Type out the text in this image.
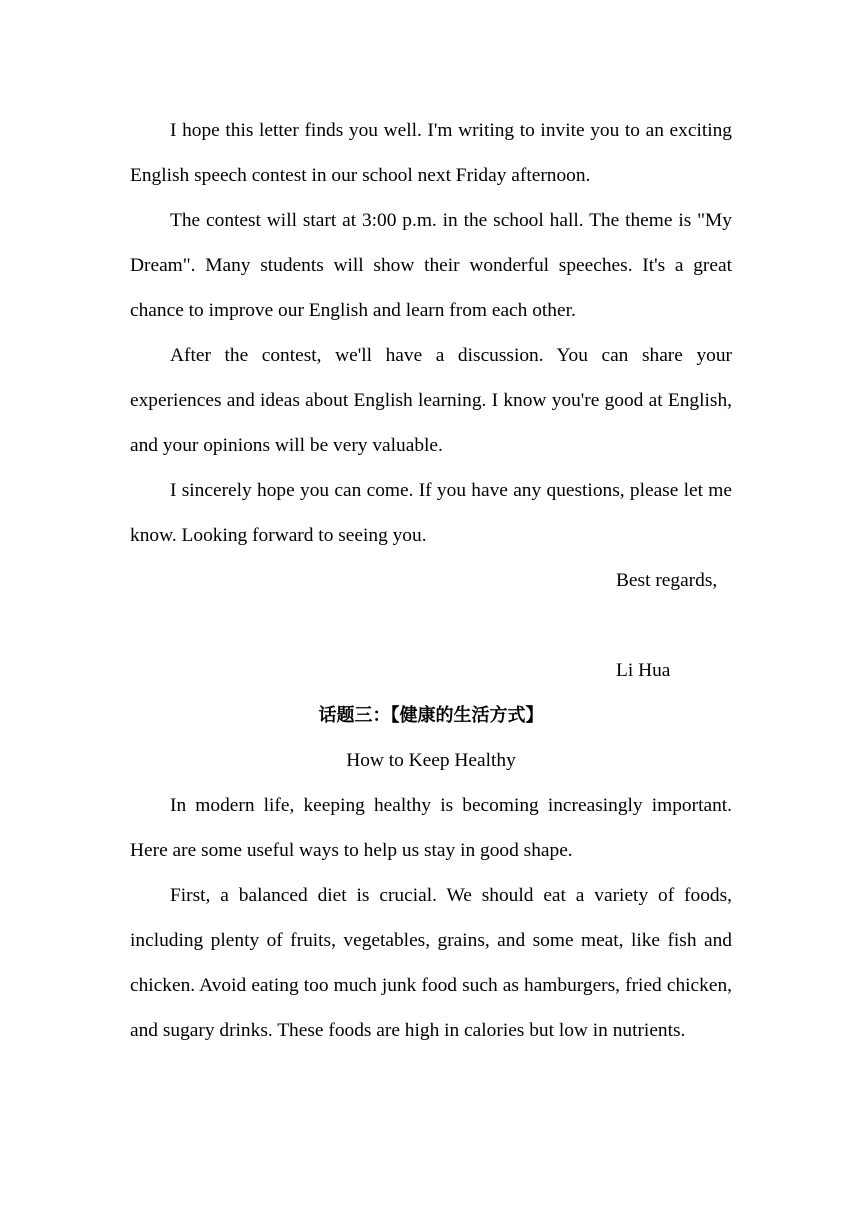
I hope this letter finds you well. I'm writing to invite you to an exciting English speech contest in our school next Friday afternoon.

The contest will start at 3:00 p.m. in the school hall. The theme is "My Dream". Many students will show their wonderful speeches. It's a great chance to improve our English and learn from each other.

After the contest, we'll have a discussion. You can share your experiences and ideas about English learning. I know you're good at English, and your opinions will be very valuable.

I sincerely hope you can come. If you have any questions, please let me know. Looking forward to seeing you.

Best regards,

Li Hua

话题三：【健康的生活方式】

How to Keep Healthy

In modern life, keeping healthy is becoming increasingly important. Here are some useful ways to help us stay in good shape.

First, a balanced diet is crucial. We should eat a variety of foods, including plenty of fruits, vegetables, grains, and some meat, like fish and chicken. Avoid eating too much junk food such as hamburgers, fried chicken, and sugary drinks. These foods are high in calories but low in nutrients.
